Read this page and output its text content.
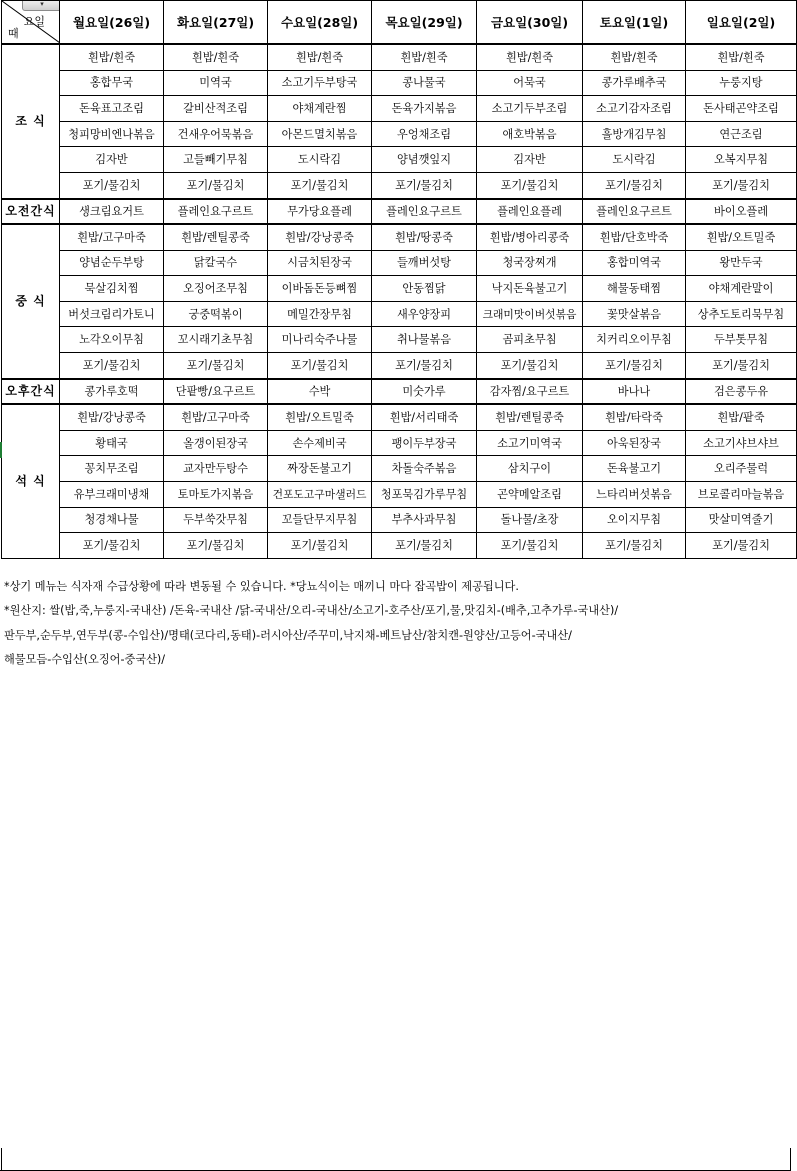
▾
요일
때	월요일(26일)	화요일(27일)	수요일(28일)	목요일(29일)	금요일(30일)	토요일(1일)	일요일(2일)
조 식	흰밥/흰죽	흰밥/흰죽	흰밥/흰죽	흰밥/흰죽	흰밥/흰죽	흰밥/흰죽	흰밥/흰죽
	홍합무국	미역국	소고기두부탕국	콩나물국	어묵국	콩가루배추국	누룽지탕
	돈육표고조림	갈비산적조림	야채계란찜	돈육가지볶음	소고기두부조림	소고기감자조림	돈사태곤약조림
	청피망비엔나볶음	건새우어묵볶음	아몬드멸치볶음	우엉채조림	애호박볶음	흘방개김무침	연근조림
	김자반	고들빼기무침	도시락김	양념깻잎지	김자반	도시락김	오복지무침
	포기/물김치	포기/물김치	포기/물김치	포기/물김치	포기/물김치	포기/물김치	포기/물김치
오전간식	생크림요거트	플레인요구르트	무가당요플레	플레인요구르트	플레인요플레	플레인요구르트	바이오플레
중 식	흰밥/고구마죽	흰밥/렌틸콩죽	흰밥/강낭콩죽	흰밥/땅콩죽	흰밥/병아리콩죽	흰밥/단호박죽	흰밥/오트밀죽
	양념순두부탕	닭칼국수	시금치된장국	들깨버섯탕	청국장찌개	홍합미역국	왕만두국
	묵살김치찜	오징어조무침	이바돔돈등뼈찜	안동찜닭	낙지돈육불고기	해물동태찜	야채계란말이
	버섯크림리가토니	궁중떡볶이	메밀간장무침	새우양장피	크래미맛이버섯볶음	꽃맛살볶음	상추도토리묵무침
	노각오이무침	꼬시래기초무침	미나리숙주나물	취나물볶음	곰피초무침	치커리오이무침	두부톳무침
	포기/물김치	포기/물김치	포기/물김치	포기/물김치	포기/물김치	포기/물김치	포기/물김치
오후간식	콩가루호떡	단팥빵/요구르트	수박	미숫가루	감자찜/요구르트	바나나	검은콩두유
석 식	흰밥/강낭콩죽	흰밥/고구마죽	흰밥/오트밀죽	흰밥/서리태죽	흰밥/렌틸콩죽	흰밥/타락죽	흰밥/팥죽
	황태국	올갱이된장국	손수제비국	팽이두부장국	소고기미역국	아욱된장국	소고기샤브샤브
	꽁치무조림	교자만두탕수	짜장돈불고기	차돌숙주볶음	삼치구이	돈육불고기	오리주물럭
	유부크래미냉채	토마토가지볶음	건포도고구마샐러드	청포묵김가루무침	곤약메알조림	느타리버섯볶음	브로콜리마늘볶음
	청경채나물	두부쑥갓무침	꼬들단무지무침	부추사과무침	돌나물/초장	오이지무침	맛살미역줄기
	포기/물김치	포기/물김치	포기/물김치	포기/물김치	포기/물김치	포기/물김치	포기/물김치
*상기 메뉴는 식자재 수급상황에 따라 변동될 수 있습니다. *당뇨식이는 매끼니 마다 잡곡밥이 제공됩니다.
*원산지: 쌀(밥,죽,누룽지-국내산) /돈육-국내산 /닭-국내산/오리-국내산/소고기-호주산/포기,물,맛김치-(배추,고추가루-국내산)/
판두부,순두부,연두부(콩-수입산)/명태(코다리,동태)-러시아산/주꾸미,낙지채-베트남산/참치캔-원양산/고등어-국내산/
해물모듬-수입산(오징어-중국산)/
